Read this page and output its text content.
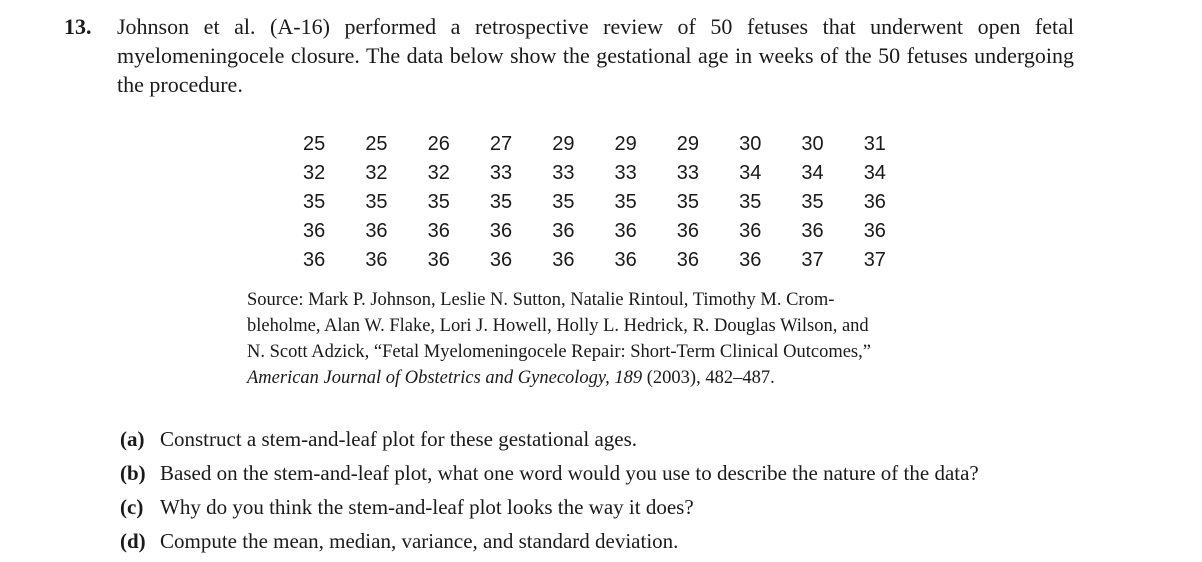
13. Johnson et al. (A-16) performed a retrospective review of 50 fetuses that underwent open fetal myelomeningocele closure. The data below show the gestational age in weeks of the 50 fetuses undergoing the procedure.
25	25	26	27	29	29	29	30	30	31
32	32	32	33	33	33	33	34	34	34
35	35	35	35	35	35	35	35	35	36
36	36	36	36	36	36	36	36	36	36
36	36	36	36	36	36	36	36	37	37
Source: Mark P. Johnson, Leslie N. Sutton, Natalie Rintoul, Timothy M. Crom-
bleholme, Alan W. Flake, Lori J. Howell, Holly L. Hedrick, R. Douglas Wilson, and
N. Scott Adzick, “Fetal Myelomeningocele Repair: Short-Term Clinical Outcomes,”
American Journal of Obstetrics and Gynecology, 189 (2003), 482–487.
(a) Construct a stem-and-leaf plot for these gestational ages.
(b) Based on the stem-and-leaf plot, what one word would you use to describe the nature of the data?
(c) Why do you think the stem-and-leaf plot looks the way it does?
(d) Compute the mean, median, variance, and standard deviation.
